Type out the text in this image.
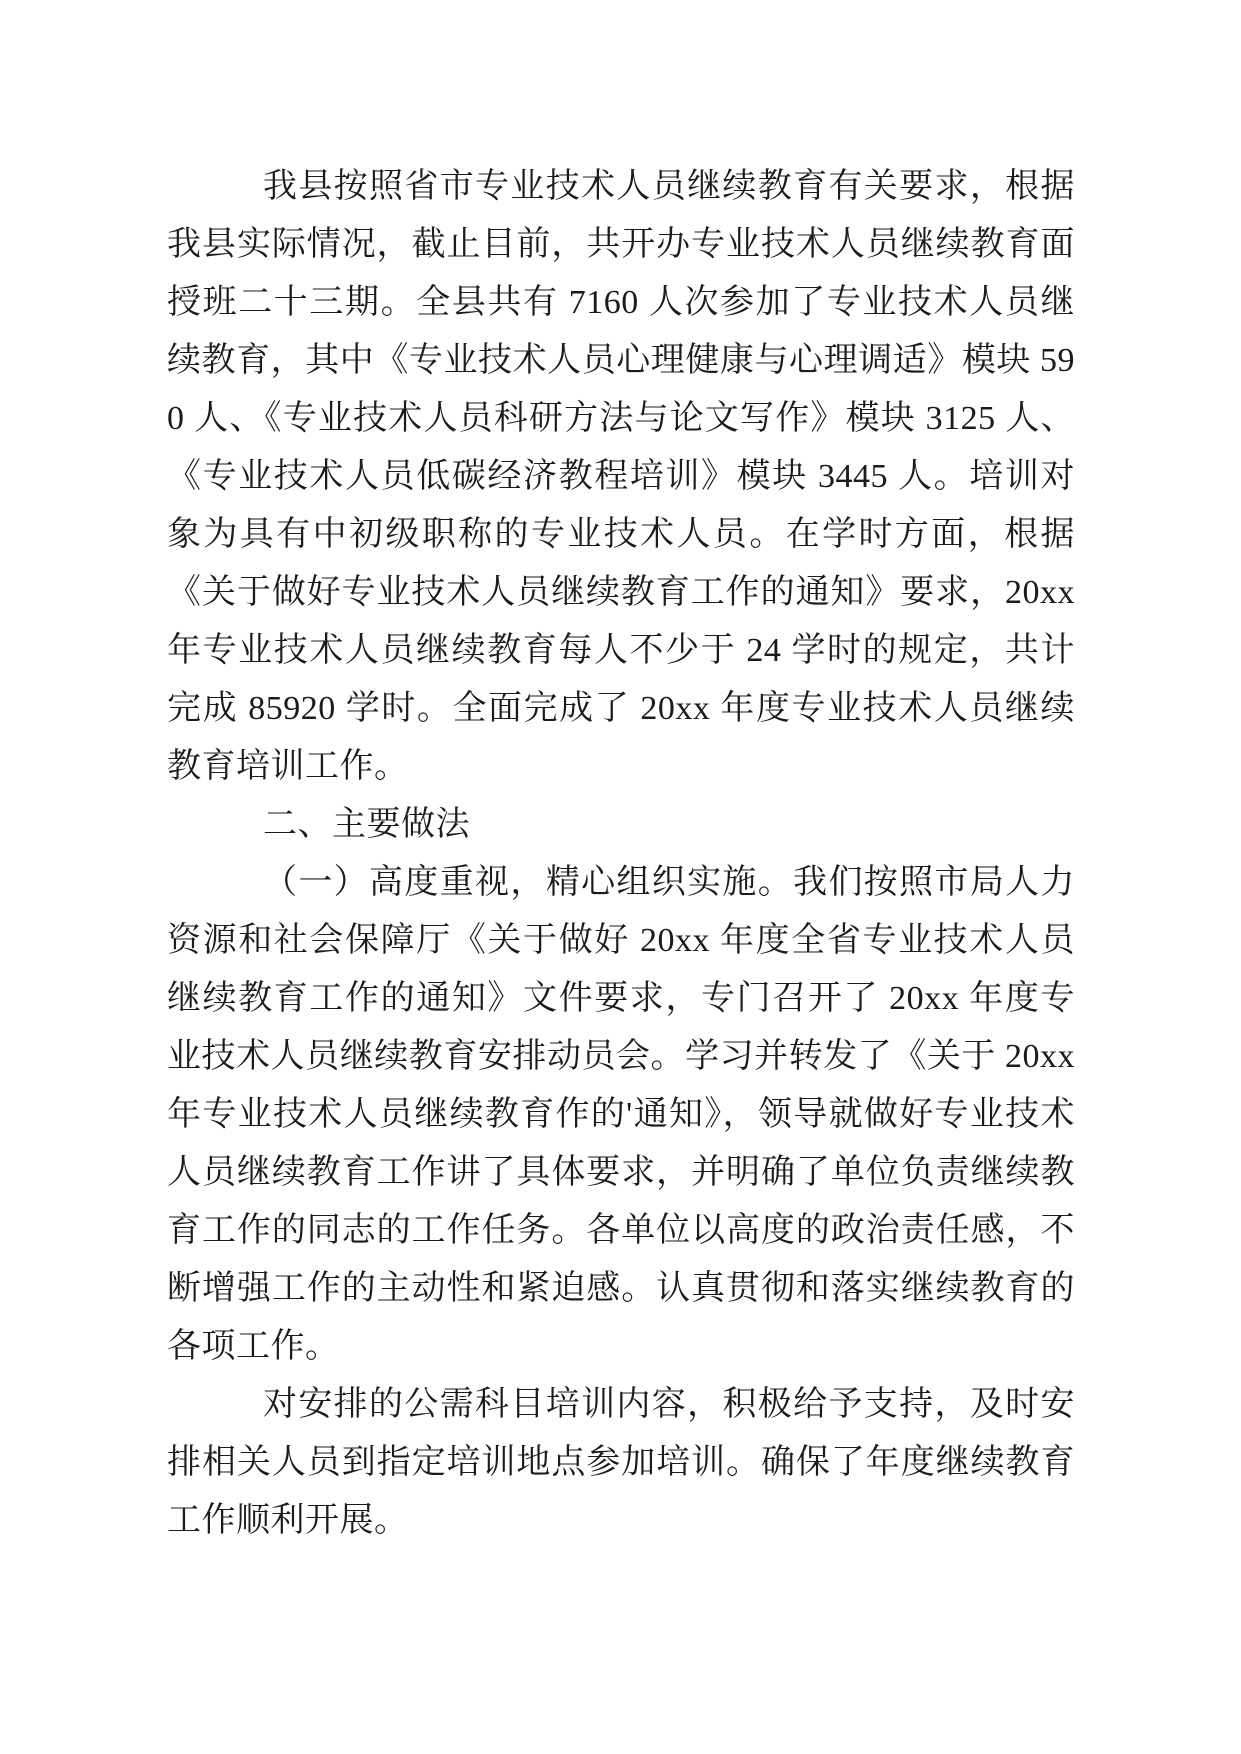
我县按照省市专业技术人员继续教育有关要求，根据我县实际情况，截止目前，共开办专业技术人员继续教育面授班二十三期。全县共有 7160 人次参加了专业技术人员继续教育，其中《专业技术人员心理健康与心理调适》模块 590 人、《专业技术人员科研方法与论文写作》模块 3125 人、《专业技术人员低碳经济教程培训》模块 3445 人。培训对象为具有中初级职称的专业技术人员。在学时方面，根据《关于做好专业技术人员继续教育工作的通知》要求，20xx 年专业技术人员继续教育每人不少于 24 学时的规定，共计完成 85920 学时。全面完成了 20xx 年度专业技术人员继续教育培训工作。

二、主要做法

（一）高度重视，精心组织实施。我们按照市局人力资源和社会保障厅《关于做好 20xx 年度全省专业技术人员继续教育工作的通知》文件要求，专门召开了 20xx 年度专业技术人员继续教育安排动员会。学习并转发了《关于 20xx 年专业技术人员继续教育作的'通知》，领导就做好专业技术人员继续教育工作讲了具体要求，并明确了单位负责继续教育工作的同志的工作任务。各单位以高度的政治责任感，不断增强工作的主动性和紧迫感。认真贯彻和落实继续教育的各项工作。

对安排的公需科目培训内容，积极给予支持，及时安排相关人员到指定培训地点参加培训。确保了年度继续教育工作顺利开展。
